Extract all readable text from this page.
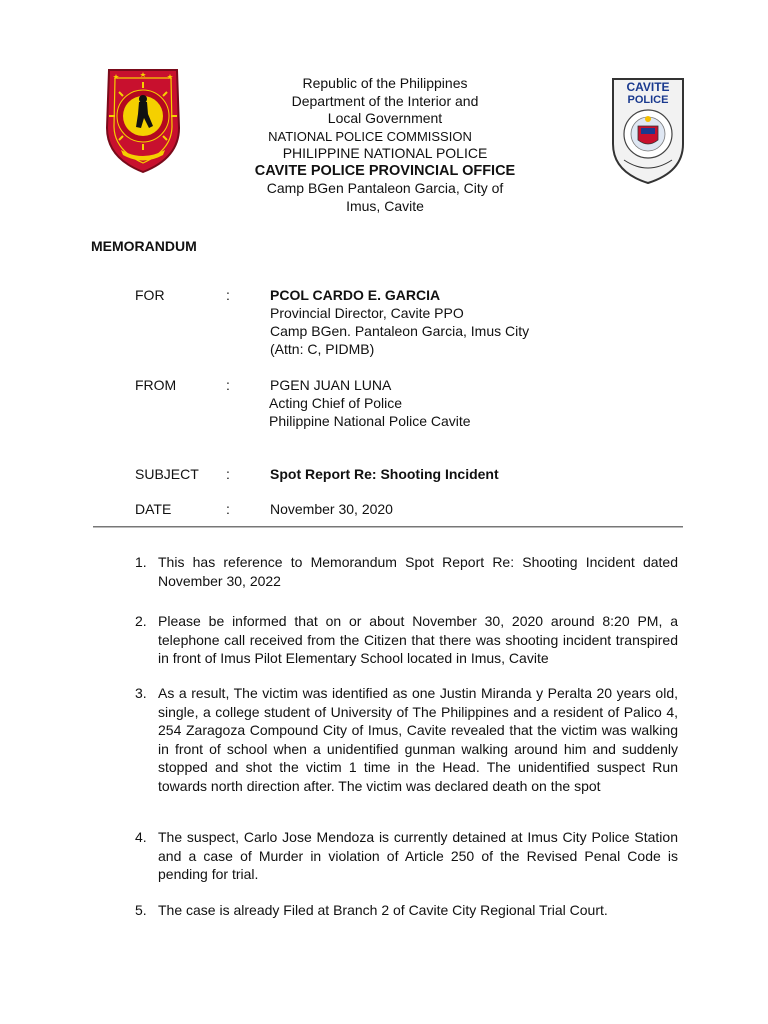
Republic of the Philippines
Department of the Interior and
Local Government
NATIONAL POLICE COMMISSION
PHILIPPINE NATIONAL POLICE
CAVITE POLICE PROVINCIAL OFFICE
Camp BGen Pantaleon Garcia, City of
Imus, Cavite
CAVITE
POLICE
MEMORANDUM
FOR	:	PCOL CARDO E. GARCIA
Provincial Director, Cavite PPO
Camp BGen. Pantaleon Garcia, Imus City
(Attn: C, PIDMB)
FROM	:	PGEN JUAN LUNA
Acting Chief of Police
Philippine National Police Cavite
SUBJECT :	Spot Report Re: Shooting Incident
DATE	:	November 30, 2020
1. This has reference to Memorandum Spot Report Re: Shooting Incident dated November 30, 2022
2. Please be informed that on or about November 30, 2020 around 8:20 PM, a telephone call received from the Citizen that there was shooting incident transpired in front of Imus Pilot Elementary School located in Imus, Cavite
3. As a result, The victim was identified as one Justin Miranda y Peralta 20 years old, single, a college student of University of The Philippines and a resident of Palico 4, 254 Zaragoza Compound City of Imus, Cavite revealed that the victim was walking in front of school when a unidentified gunman walking around him and suddenly stopped and shot the victim 1 time in the Head. The unidentified suspect Run towards north direction after. The victim was declared death on the spot
4. The suspect, Carlo Jose Mendoza is currently detained at Imus City Police Station and a case of Murder in violation of Article 250 of the Revised Penal Code is pending for trial.
5. The case is already Filed at Branch 2 of Cavite City Regional Trial Court.
